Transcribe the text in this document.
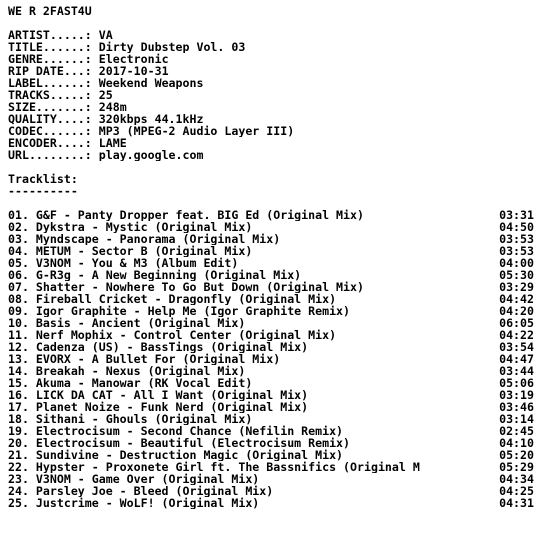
WE R 2FAST4U
ARTIST.....: VA
TITLE......: Dirty Dubstep Vol. 03
GENRE......: Electronic
RIP DATE...: 2017-10-31
LABEL......: Weekend Weapons
TRACKS.....: 25
SIZE.......: 248m
QUALITY....: 320kbps 44.1kHz
CODEC......: MP3 (MPEG-2 Audio Layer III)
ENCODER....: LAME
URL........: play.google.com
Tracklist:
----------
01. G&F - Panty Dropper feat. BIG Ed (Original Mix)	03:31
02. Dykstra - Mystic (Original Mix)	04:50
03. Myndscape - Panorama (Original Mix)	03:53
04. METUM - Sector B (Original Mix)	03:53
05. V3NOM - You & M3 (Album Edit)	04:00
06. G-R3g - A New Beginning (Original Mix)	05:30
07. Shatter - Nowhere To Go But Down (Original Mix)	03:29
08. Fireball Cricket - Dragonfly (Original Mix)	04:42
09. Igor Graphite - Help Me (Igor Graphite Remix)	04:20
10. Basis - Ancient (Original Mix)	06:05
11. Nerf Mophix - Control Center (Original Mix)	04:22
12. Cadenza (US) - BassTings (Original Mix)	03:54
13. EVORX - A Bullet For (Original Mix)	04:47
14. Breakah - Nexus (Original Mix)	03:44
15. Akuma - Manowar (RK Vocal Edit)	05:06
16. LICK DA CAT - All I Want (Original Mix)	03:19
17. Planet Noize - Funk Nerd (Original Mix)	03:46
18. Sithani - Ghouls (Original Mix)	03:14
19. Electrocisum - Second Chance (Nefilin Remix)	02:45
20. Electrocisum - Beautiful (Electrocisum Remix)	04:10
21. Sundivine - Destruction Magic (Original Mix)	05:20
22. Hypster - Proxonete Girl ft. The Bassnifics (Original M	05:29
23. V3NOM - Game Over (Original Mix)	04:34
24. Parsley Joe - Bleed (Original Mix)	04:25
25. Justcrime - WoLF! (Original Mix)	04:31
